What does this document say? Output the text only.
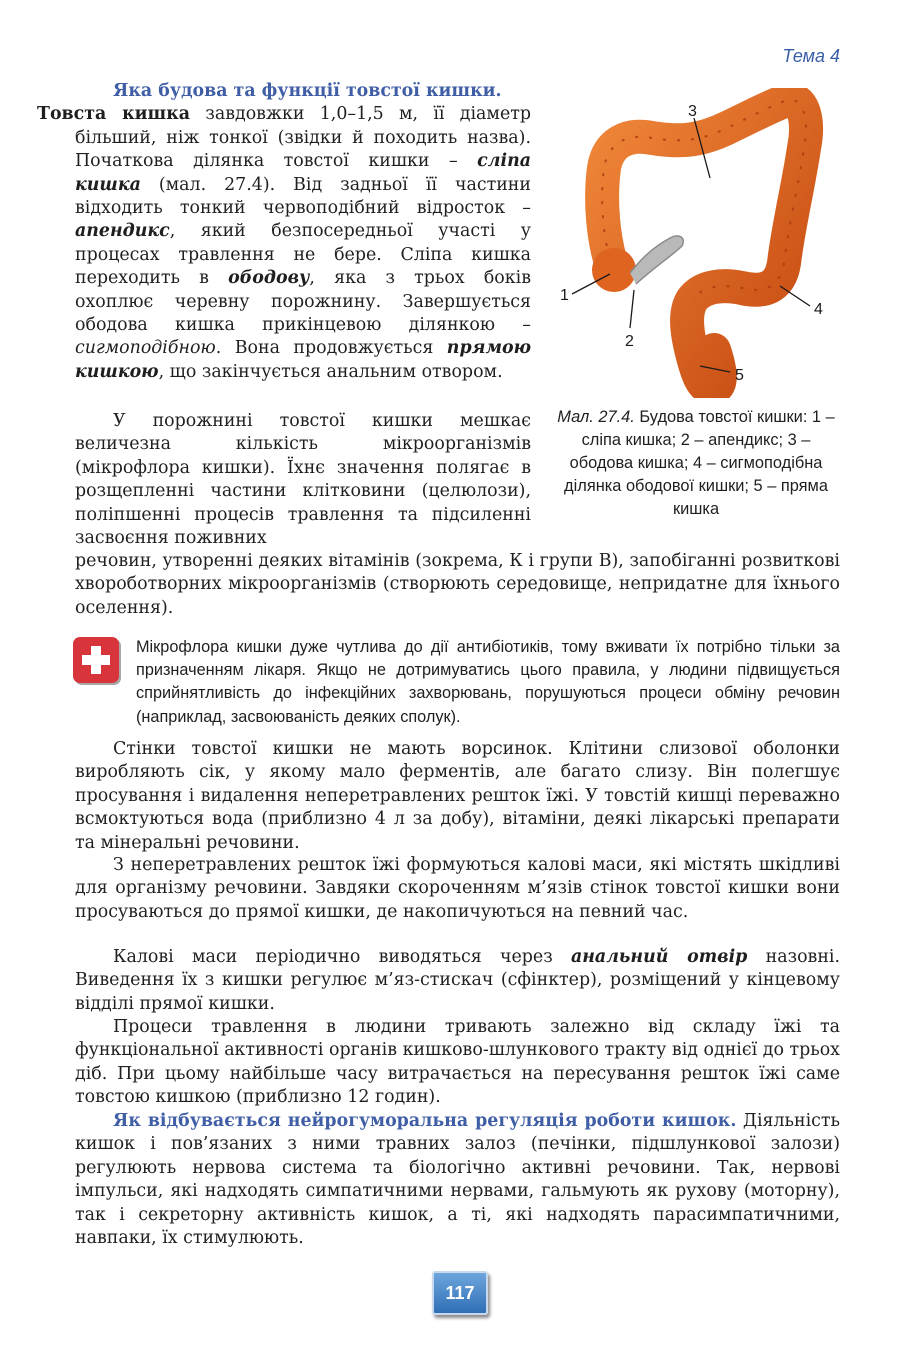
Тема 4

Яка будова та функції товстої кишки.
Товста кишка завдовжки 1,0–1,5 м, її діаметр більший, ніж тонкої (звідки й походить назва). Початкова ділянка товстої кишки – сліпа кишка (мал. 27.4). Від задньої її частини відходить тонкий червоподібний відросток – апендикс, який безпосередньої участі у процесах травлення не бере. Сліпа кишка переходить в ободову, яка з трьох боків охоплює черевну порожнину. Завершується ободова кишка прикінцевою ділянкою – сигмоподібною. Вона продовжується прямою кишкою, що закінчується анальним отвором.

У порожнині товстої кишки мешкає величезна кількість мікроорганізмів (мікрофлора кишки). Їхнє значення полягає в розщепленні частини клітковини (целюлози), поліпшенні процесів травлення та підсиленні засвоєння поживних

1
2
3
4
5
Мал. 27.4. Будова товстої кишки: 1 – сліпа кишка; 2 – апендикс; 3 – ободова кишка; 4 – сигмоподібна ділянка ободової кишки; 5 – пряма кишка

речовин, утворенні деяких вітамінів (зокрема, К і групи В), запобіганні розвиткові хвороботворних мікроорганізмів (створюють середовище, непридатне для їхнього оселення).

Мікрофлора кишки дуже чутлива до дії антибіотиків, тому вживати їх потрібно тільки за призначенням лікаря. Якщо не дотримуватись цього правила, у людини підвищується сприйнятливість до інфекційних захворювань, порушуються процеси обміну речовин (наприклад, засвоюваність деяких сполук).

Стінки товстої кишки не мають ворсинок. Клітини слизової оболонки виробляють сік, у якому мало ферментів, але багато слизу. Він полегшує просування і видалення неперетравлених решток їжі. У товстій кишці переважно всмоктуються вода (приблизно 4 л за добу), вітаміни, деякі лікарські препарати та мінеральні речовини.

З неперетравлених решток їжі формуються калові маси, які містять шкідливі для організму речовини. Завдяки скороченням м’язів стінок товстої кишки вони просуваються до прямої кишки, де накопичуються на певний час.

Калові маси періодично виводяться через анальний отвір назовні. Виведення їх з кишки регулює м’яз-стискач (сфінктер), розміщений у кінцевому відділі прямої кишки.

Процеси травлення в людини тривають залежно від складу їжі та функціональної активності органів кишково-шлункового тракту від однієї до трьох діб. При цьому найбільше часу витрачається на пересування решток їжі саме товстою кишкою (приблизно 12 годин).

Як відбувається нейрогуморальна регуляція роботи кишок. Діяльність кишок і пов’язаних з ними травних залоз (печінки, підшлункової залози) регулюють нервова система та біологічно активні речовини. Так, нервові імпульси, які надходять симпатичними нервами, гальмують як рухову (моторну), так і секреторну активність кишок, а ті, які надходять парасимпатичними, навпаки, їх стимулюють.

117
